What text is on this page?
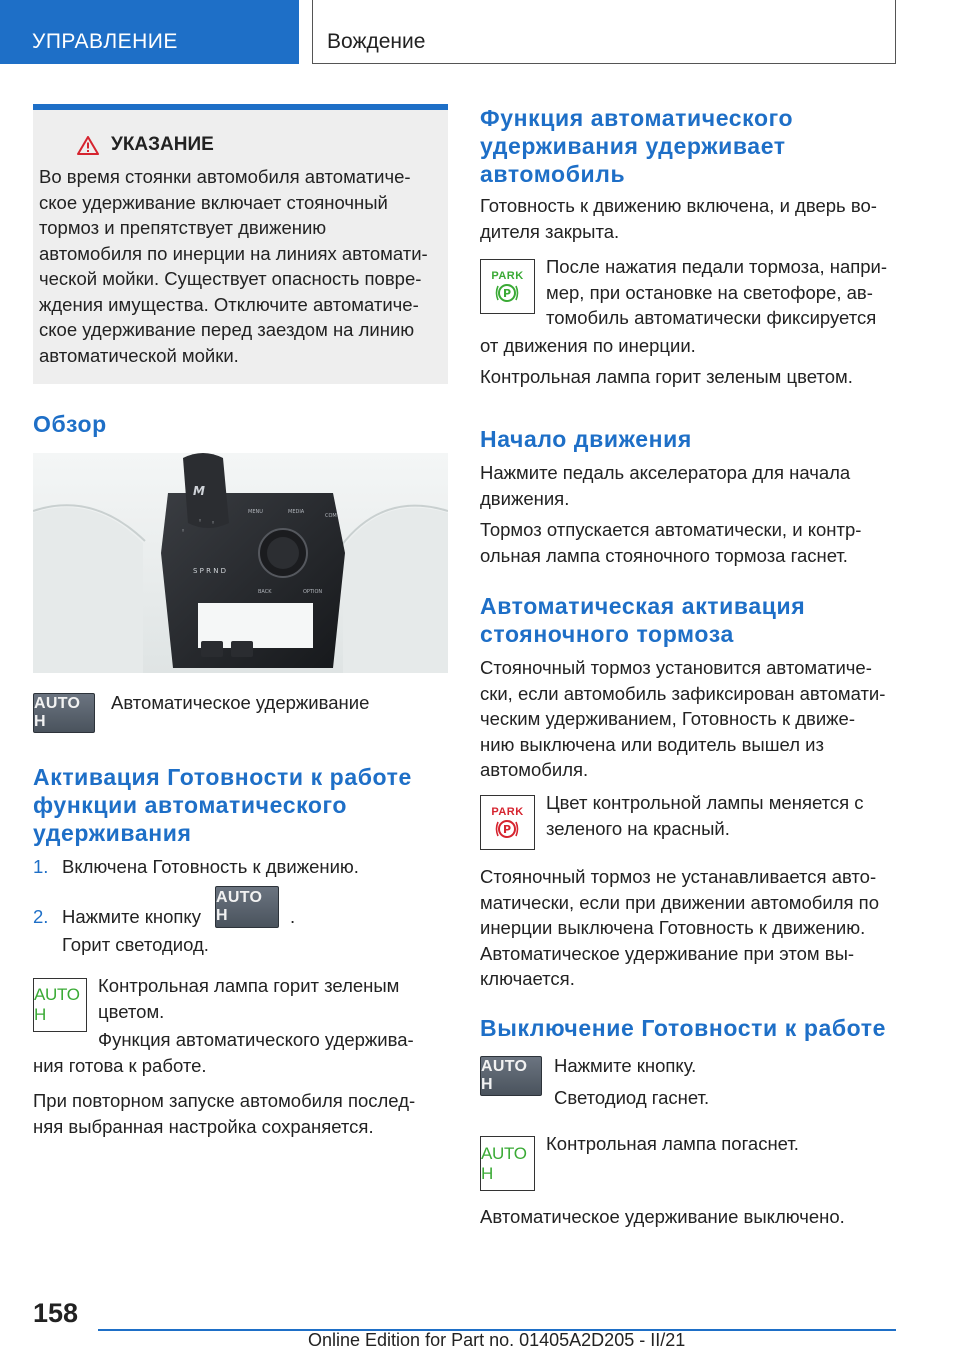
УПРАВЛЕНИЕ	Вождение
УКАЗАНИЕ
Во время стоянки автомобиля автоматиче-
ское удерживание включает стояночный
тормоз и препятствует движению
автомобиля по инерции на линиях автомати-
ческой мойки. Существует опасность повре-
ждения имущества. Отключите автоматиче-
ское удерживание перед заездом на линию
автоматической мойки.
Обзор
M
MENU	MEDIA
COM
BACK	OPTION
◦
◦ ◦
S P R N D
AUTO H
Автоматическое удерживание
Активация Готовности к работе
функции автоматического
удерживания
1. Включена Готовность к движению.
2. Нажмите кнопку
AUTO H	.
Горит светодиод.
AUTO H
Контрольная лампа горит зеленым
цветом.
Функция автоматического удержива-
ния готова к работе.
При повторном запуске автомобиля послед-
няя выбранная настройка сохраняется.
Функция автоматического
удерживания удерживает
автомобиль
Готовность к движению включена, и дверь во-
дителя закрыта.
PARK
P
После нажатия педали тормоза, напри-
мер, при остановке на светофоре, ав-
томобиль автоматически фиксируется
от движения по инерции.
Контрольная лампа горит зеленым цветом.
Начало движения
Нажмите педаль акселератора для начала
движения.
Тормоз отпускается автоматически, и контр-
ольная лампа стояночного тормоза гаснет.
Автоматическая активация
стояночного тормоза
Стояночный тормоз установится автоматиче-
ски, если автомобиль зафиксирован автомати-
ческим удерживанием, Готовность к движе-
нию выключена или водитель вышел из
автомобиля.
PARK
P
Цвет контрольной лампы меняется с
зеленого на красный.
Стояночный тормоз не устанавливается авто-
матически, если при движении автомобиля по
инерции выключена Готовность к движению.
Автоматическое удерживание при этом вы-
ключается.
Выключение Готовности к работе
AUTO H
Нажмите кнопку.
Светодиод гаснет.
AUTO H
Контрольная лампа погаснет.
Автоматическое удерживание выключено.
158
Online Edition for Part no. 01405A2D205 - II/21
